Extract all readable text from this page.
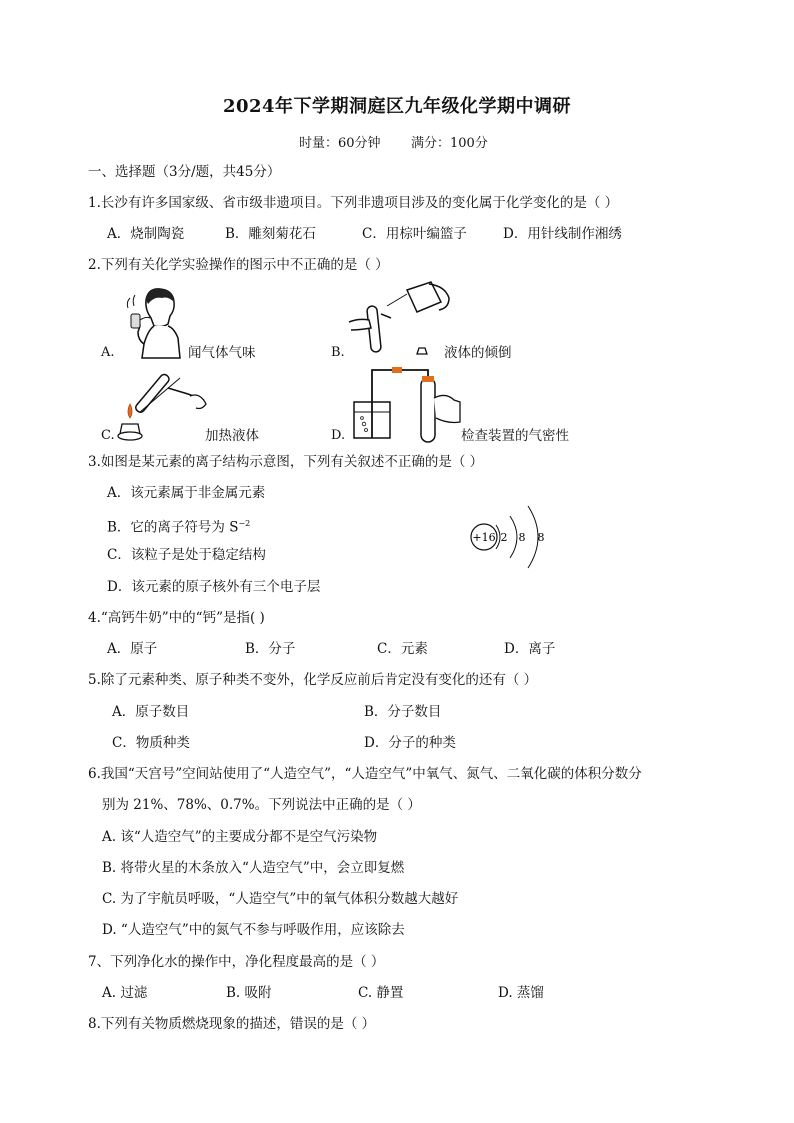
2024年下学期洞庭区九年级化学期中调研
时量：60分钟 满分：100分
一、选择题（3分/题，共45分）
1.长沙有许多国家级、省市级非遗项目。下列非遗项目涉及的变化属于化学变化的是（ ）
A．烧制陶瓷	B．雕刻菊花石	C．用棕叶编篮子	D．用针线制作湘绣
2.下列有关化学实验操作的图示中不正确的是（ ）
A.	闻气体气味	B.	液体的倾倒
C.	加热液体	D.	检查装置的气密性
3.如图是某元素的离子结构示意图，下列有关叙述不正确的是（ ）
A．该元素属于非金属元素
B．它的离子符号为 $S^{-2}$
C．该粒子是处于稳定结构
D．该元素的原子核外有三个电子层
+16 2 8 8
4.“高钙牛奶”中的“钙”是指( )
A．原子	B．分子	C．元素	D．离子
5.除了元素种类、原子种类不变外，化学反应前后肯定没有变化的还有（ ）
A．原子数目	B．分子数目
C．物质种类	D．分子的种类
6.我国“天宫号”空间站使用了“人造空气”，“人造空气”中氧气、氮气、二氧化碳的体积分数分
别为 21%、78%、0.7%。下列说法中正确的是（ ）
A. 该“人造空气”的主要成分都不是空气污染物
B. 将带火星的木条放入“人造空气”中，会立即复燃
C. 为了宇航员呼吸，“人造空气”中的氧气体积分数越大越好
D. “人造空气”中的氮气不参与呼吸作用，应该除去
7、下列净化水的操作中，净化程度最高的是（ ）
A. 过滤	B. 吸附	C. 静置	D. 蒸馏
8.下列有关物质燃烧现象的描述，错误的是（ ）
